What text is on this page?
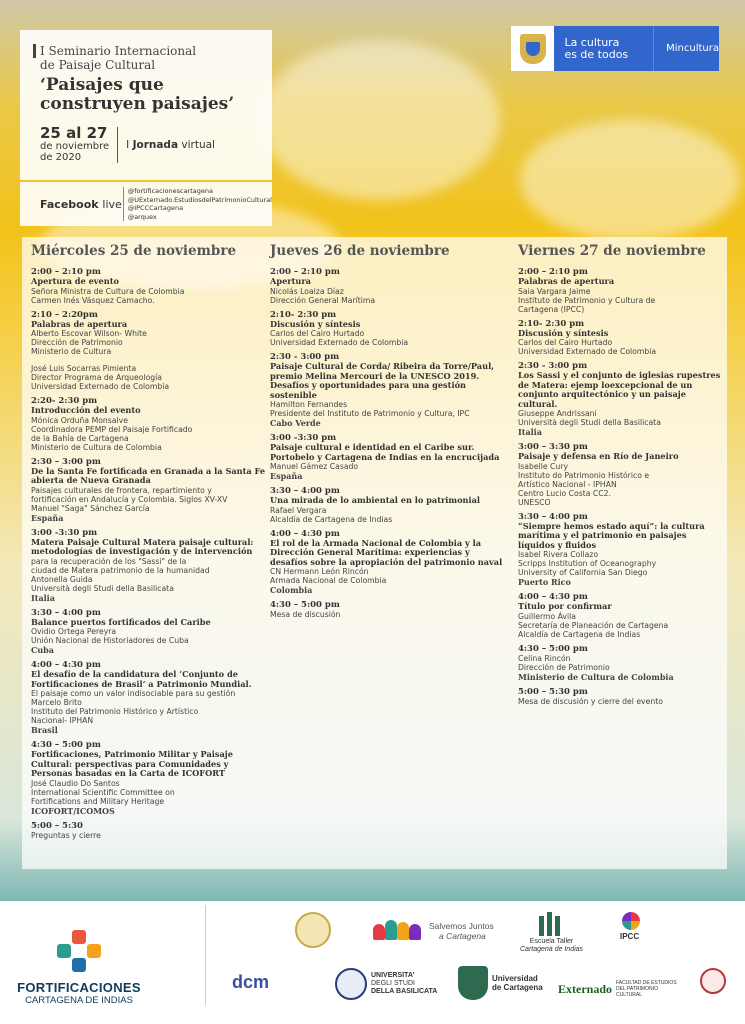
I Seminario Internacional
de Paisaje Cultural
‘Paisajes que
construyen paisajes’
25 al 27
de noviembre
de 2020
I Jornada virtual
Facebook live
@fortificacionescartagena
@UExternado.EstudiosdelPatrimonioCultural
@IPCCCartagena
@arquex
La cultura
es de todos	Mincultura
Miércoles 25 de noviembre
2:00 – 2:10 pm
Apertura de evento
Señora Ministra de Cultura de Colombia
Carmen Inés Vásquez Camacho.
2:10 – 2:20pm
Palabras de apertura
Alberto Escovar Wilson- White
Dirección de Patrimonio
Ministerio de Cultura
José Luis Socarras Pimienta
Director Programa de Arqueología
Universidad Externado de Colombia
2:20- 2:30 pm
Introducción del evento
Mónica Orduña Monsalve
Coordinadora PEMP del Paisaje Fortificado
de la Bahía de Cartagena
Ministerio de Cultura de Colombia
2:30 – 3:00 pm
De la Santa Fe fortificada en Granada a la Santa Fe abierta de Nueva Granada
Paisajes culturales de frontera, repartimiento y
fortificación en Andalucía y Colombia. Siglos XV-XV
Manuel "Saga" Sánchez García
España
3:00 -3:30 pm
Matera Paisaje Cultural Matera paisaje cultural: metodologías de investigación y de intervención
para la recuperación de los "Sassi" de la
ciudad de Matera patrimonio de la humanidad
Antonella Guida
Università degli Studi della Basilicata
Italia
3:30 – 4:00 pm
Balance puertos fortificados del Caribe
Ovidio Ortega Pereyra
Unión Nacional de Historiadores de Cuba
Cuba
4:00 – 4:30 pm
El desafío de la candidatura del ‘Conjunto de Fortificaciones de Brasil’ a Patrimonio Mundial.
El paisaje como un valor indisociable para su gestión
Marcelo Brito
Instituto del Patrimonio Histórico y Artístico
Nacional- IPHAN
Brasil
4:30 – 5:00 pm
Fortificaciones, Patrimonio Militar y Paisaje Cultural: perspectivas para Comunidades y Personas basadas en la Carta de ICOFORT
José Claudio Do Santos
International Scientific Committee on
Fortifications and Military Heritage
ICOFORT/ICOMOS
5:00 – 5:30
Preguntas y cierre
Jueves 26 de noviembre
2:00 – 2:10 pm
Apertura
Nicolás Loaiza Díaz
Dirección General Marítima
2:10- 2:30 pm
Discusión y síntesis
Carlos del Cairo Hurtado
Universidad Externado de Colombia
2:30 - 3:00 pm
Paisaje Cultural de Corda/ Ribeira da Torre/Paul, premio Melina Mercouri de la UNESCO 2019. Desafíos y oportunidades para una gestión sostenible
Hamilton Fernandes
Presidente del Instituto de Patrimonio y Cultura, IPC
Cabo Verde
3:00 -3:30 pm
Paisaje cultural e identidad en el Caribe sur. Portobelo y Cartagena de Indias en la encrucijada
Manuel Gámez Casado
España
3:30 – 4:00 pm
Una mirada de lo ambiental en lo patrimonial
Rafael Vergara
Alcaldía de Cartagena de Indias
4:00 – 4:30 pm
El rol de la Armada Nacional de Colombia y la Dirección General Marítima: experiencias y desafíos sobre la apropiación del patrimonio naval
CN Hermann León Rincón
Armada Nacional de Colombia
Colombia
4:30 – 5:00 pm
Mesa de discusión
Viernes 27 de noviembre
2:00 – 2:10 pm
Palabras de apertura
Saia Vargara Jaime
Instituto de Patrimonio y Cultura de
Cartagena (IPCC)
2:10- 2:30 pm
Discusión y síntesis
Carlos del Cairo Hurtado
Universidad Externado de Colombia
2:30 - 3:00 pm
Los Sassi y el conjunto de iglesias rupestres de Matera: ejemp loexcepcional de un conjunto arquitectónico y un paisaje cultural.
Giuseppe Andrissani
Università degli Studi della Basilicata
Italia
3:00 – 3:30 pm
Paisaje y defensa en Río de Janeiro
Isabelle Cury
Instituto do Patrimonio Histórico e
Artístico Nacional - IPHAN
Centro Lucio Costa CC2.
UNESCO
3:30 – 4:00 pm
“Siempre hemos estado aquí”: la cultura marítima y el patrimonio en paisajes líquidos y fluidos
Isabel Rivera Collazo
Scripps Institution of Oceanography
University of California San Diego
Puerto Rico
4:00 – 4:30 pm
Título por confirmar
Guillermo Ávila
Secretaría de Planeación de Cartagena
Alcaldía de Cartagena de Indias
4:30 – 5:00 pm
Celina Rincón
Dirección de Patrimonio
Ministerio de Cultura de Colombia
5:00 – 5:30 pm
Mesa de discusión y cierre del evento
FORTIFICACIONES
CARTAGENA DE INDIAS
Salvemos Juntos
a Cartagena
Escuela Taller
Cartagena de Indias
IPCC
dcm	UNIVERSITA’
DEGLI STUDI
DELLA BASILICATA
Universidad
de Cartagena Externado FACULTAD DE ESTUDIOS DEL PATRIMONIO CULTURAL
